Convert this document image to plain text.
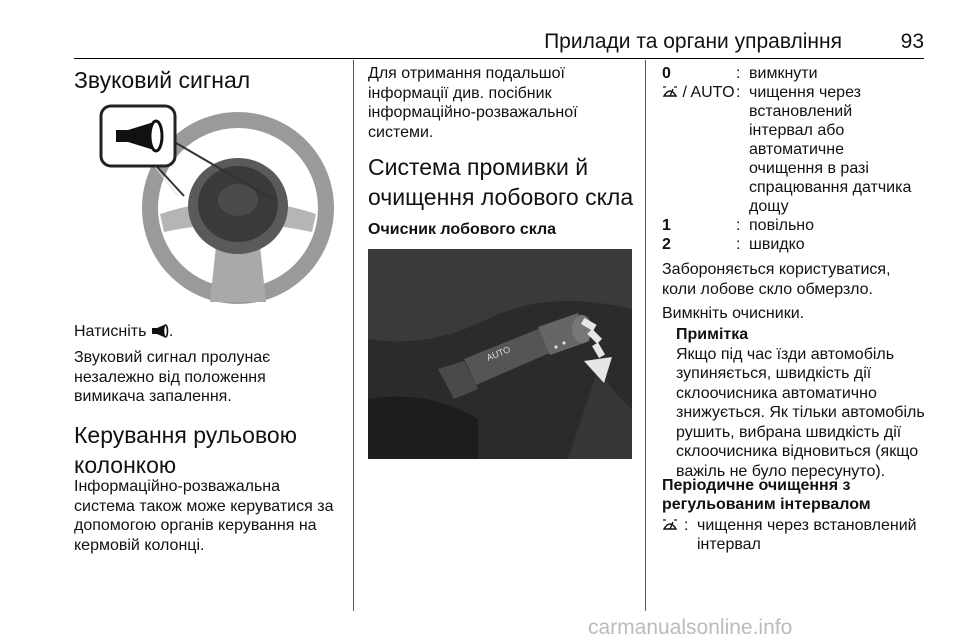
Прилади та органи управління	93
Звуковий сигнал
Натисніть .
Звуковий сигнал пролунає
незалежно від положення
вимикача запалення.
Керування рульовою
колонкою
Інформаційно-розважальна
система також може керуватися за
допомогою органів керування на
кермовій колонці.
Для отримання подальшої
інформації див. посібник
інформаційно-розважальної
системи.
Система промивки й
очищення лобового скла
Очисник лобового скла
AUTO
0	: вимкнути
/ AUTO : чищення через
встановлений
інтервал або
автоматичне
очищення в разі
спрацювання датчика
дощу
1	: повільно
2	: швидко
Забороняється користуватися,
коли лобове скло обмерзло.
Вимкніть очисники.
Примітка
Якщо під час їзди автомобіль
зупиняється, швидкість дії
склоочисника автоматично
знижується. Як тільки автомобіль
рушить, вибрана швидкість дії
склоочисника відновиться (якщо
важіль не було пересунуто).
Періодичне очищення з
регульованим інтервалом
: чищення через встановлений
інтервал
carmanualsonline.info
